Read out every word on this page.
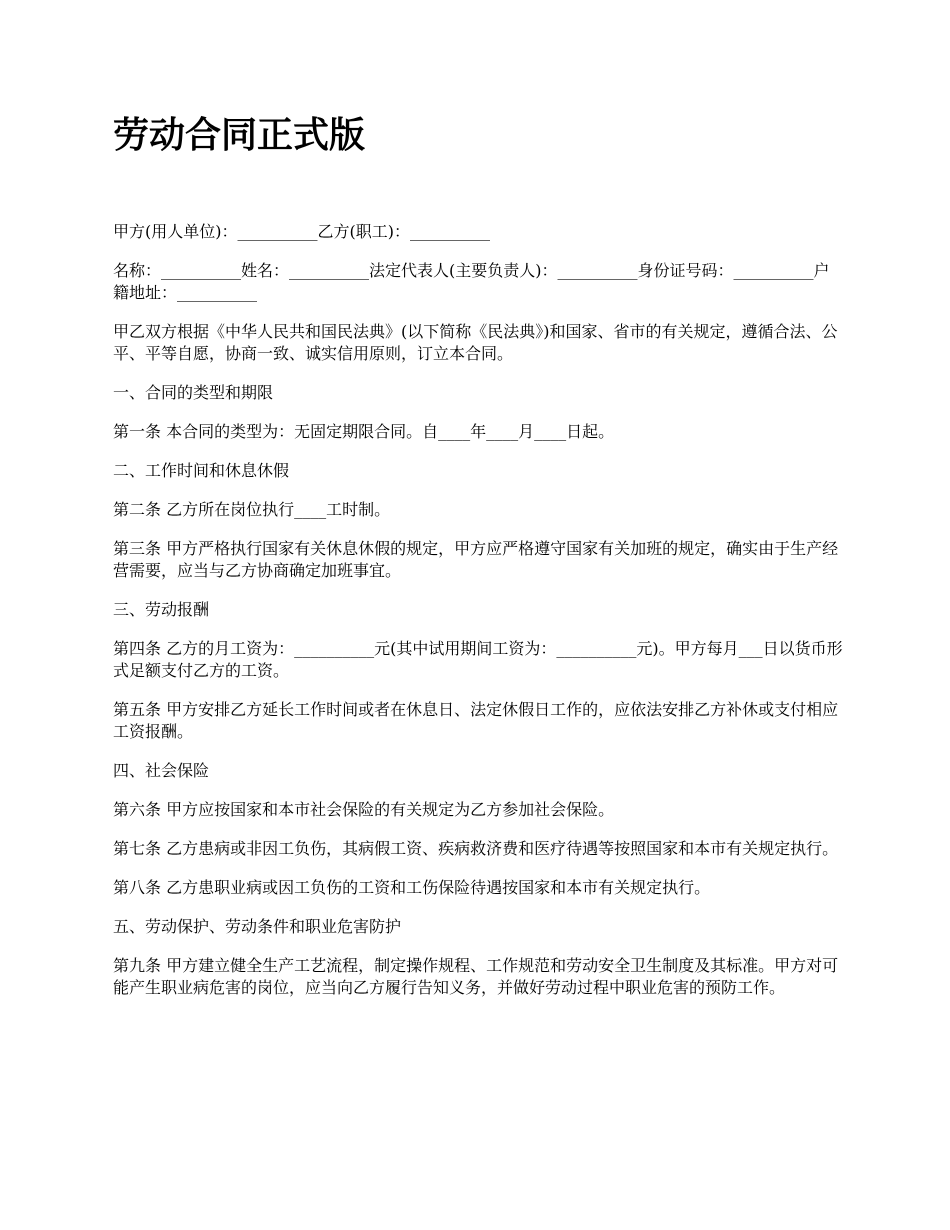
劳动合同正式版

甲方(用人单位)：__________乙方(职工)：__________

名称：__________姓名：__________法定代表人(主要负责人)：__________身份证号码：__________户籍地址：__________

甲乙双方根据《中华人民共和国民法典》(以下简称《民法典》)和国家、省市的有关规定，遵循合法、公平、平等自愿，协商一致、诚实信用原则，订立本合同。

一、合同的类型和期限

第一条 本合同的类型为：无固定期限合同。自____年____月____日起。

二、工作时间和休息休假

第二条 乙方所在岗位执行____工时制。

第三条 甲方严格执行国家有关休息休假的规定，甲方应严格遵守国家有关加班的规定，确实由于生产经营需要，应当与乙方协商确定加班事宜。

三、劳动报酬

第四条 乙方的月工资为：__________元(其中试用期间工资为：__________元)。甲方每月___日以货币形式足额支付乙方的工资。

第五条 甲方安排乙方延长工作时间或者在休息日、法定休假日工作的，应依法安排乙方补休或支付相应工资报酬。

四、社会保险

第六条 甲方应按国家和本市社会保险的有关规定为乙方参加社会保险。

第七条 乙方患病或非因工负伤，其病假工资、疾病救济费和医疗待遇等按照国家和本市有关规定执行。

第八条 乙方患职业病或因工负伤的工资和工伤保险待遇按国家和本市有关规定执行。

五、劳动保护、劳动条件和职业危害防护

第九条 甲方建立健全生产工艺流程，制定操作规程、工作规范和劳动安全卫生制度及其标准。甲方对可能产生职业病危害的岗位，应当向乙方履行告知义务，并做好劳动过程中职业危害的预防工作。
